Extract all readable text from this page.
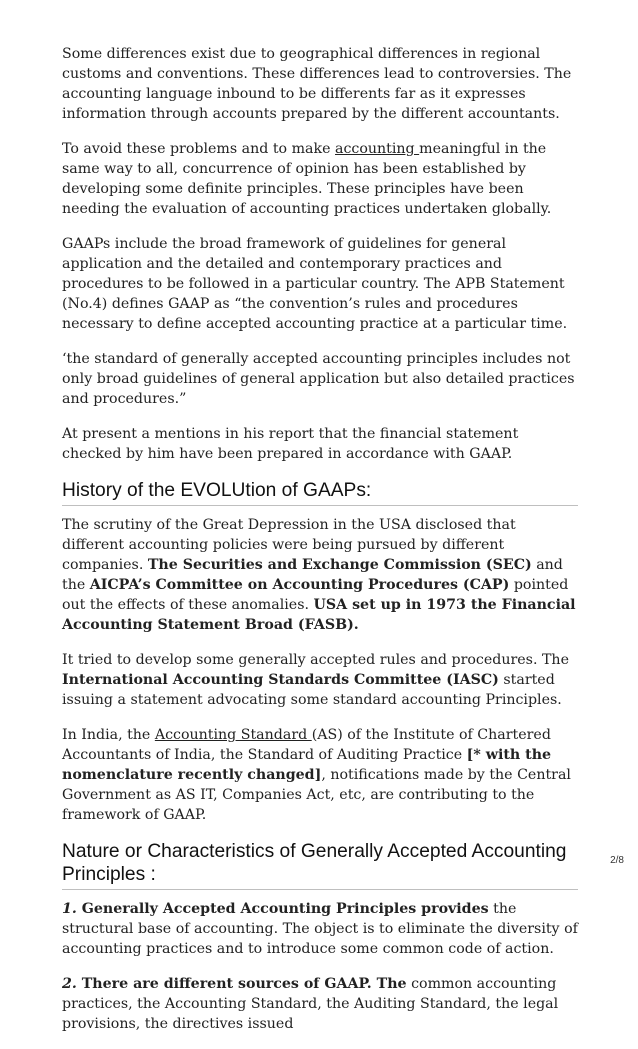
Some differences exist due to geographical differences in regional customs and conventions. These differences lead to controversies. The accounting language inbound to be differents far as it expresses information through accounts prepared by the different accountants.

To avoid these problems and to make accounting meaningful in the same way to all, concurrence of opinion has been established by developing some definite principles. These principles have been needing the evaluation of accounting practices undertaken globally.

GAAPs include the broad framework of guidelines for general application and the detailed and contemporary practices and procedures to be followed in a particular country. The APB Statement (No.4) defines GAAP as “the convention’s rules and procedures necessary to define accepted accounting practice at a particular time.

‘the standard of generally accepted accounting principles includes not only broad guidelines of general application but also detailed practices and procedures.”

At present a mentions in his report that the financial statement checked by him have been prepared in accordance with GAAP.

History of the EVOLUtion of GAAPs:

The scrutiny of the Great Depression in the USA disclosed that different accounting policies were being pursued by different companies. The Securities and Exchange Commission (SEC) and the AICPA’s Committee on Accounting Procedures (CAP) pointed out the effects of these anomalies. USA set up in 1973 the Financial Accounting Statement Broad (FASB).

It tried to develop some generally accepted rules and procedures. The International Accounting Standards Committee (IASC) started issuing a statement advocating some standard accounting Principles.

In India, the Accounting Standard (AS) of the Institute of Chartered Accountants of India, the Standard of Auditing Practice [* with the nomenclature recently changed], notifications made by the Central Government as AS IT, Companies Act, etc, are contributing to the framework of GAAP.

Nature or Characteristics of Generally Accepted Accounting Principles :

1. Generally Accepted Accounting Principles provides the structural base of accounting. The object is to eliminate the diversity of accounting practices and to introduce some common code of action.

2. There are different sources of GAAP. The common accounting practices, the Accounting Standard, the Auditing Standard, the legal provisions, the directives issued

2/8
